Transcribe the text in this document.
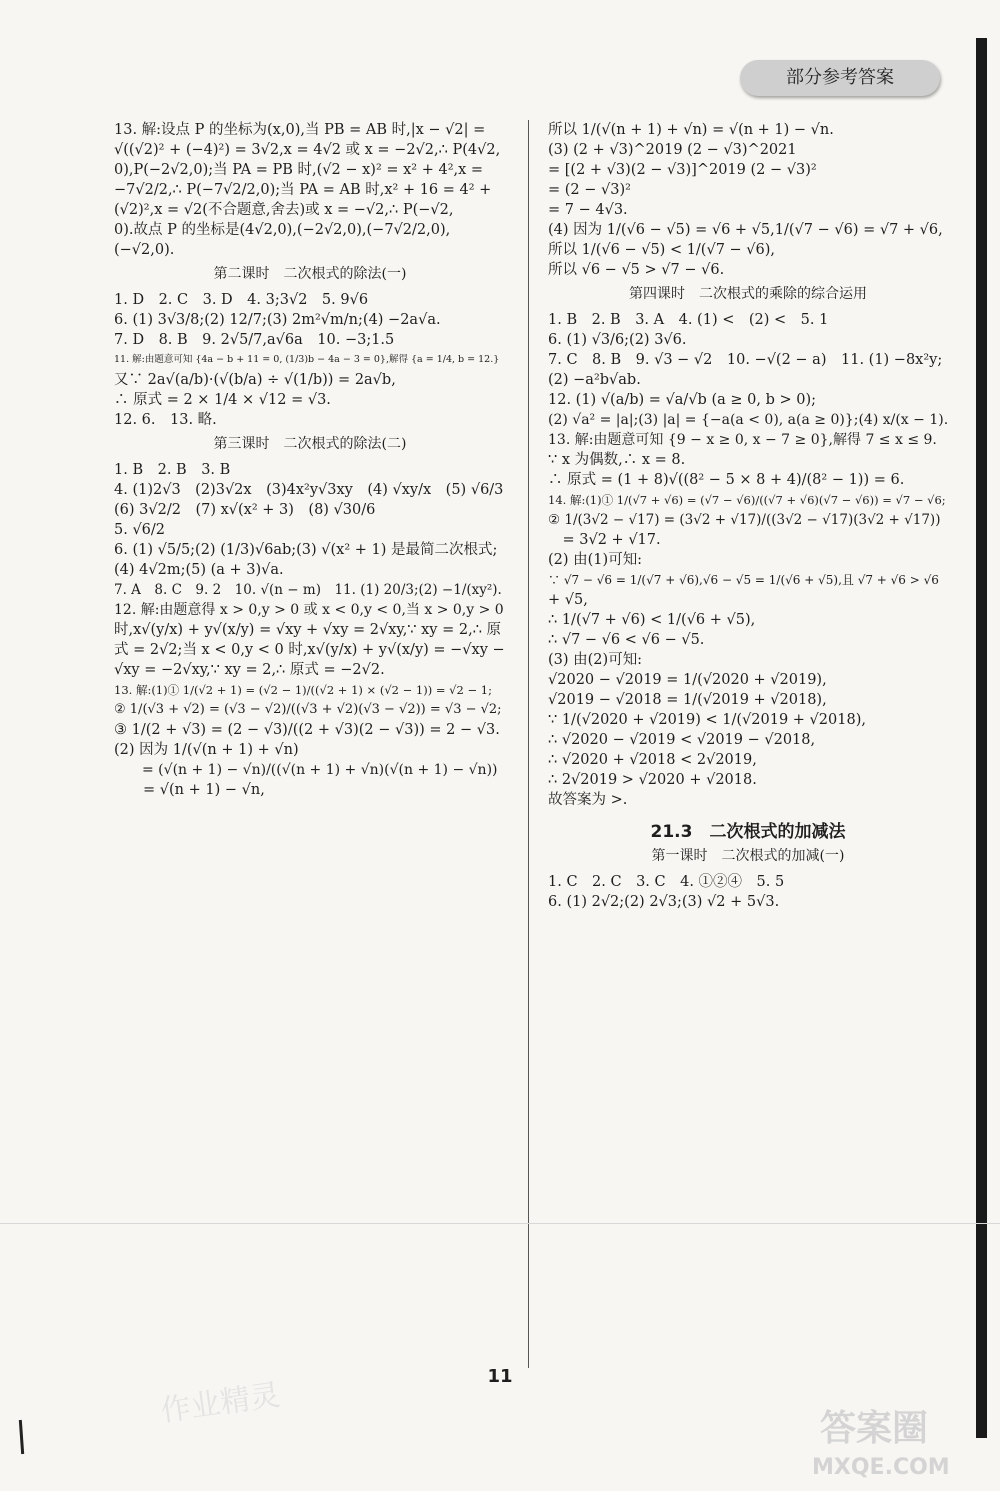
部分参考答案
13. 解:设点 P 的坐标为(x,0),当 PB = AB 时,|x − √2| =
√((√2)² + (−4)²) = 3√2,x = 4√2 或 x = −2√2,∴ P(4√2,
0),P(−2√2,0);当 PA = PB 时,(√2 − x)² = x² + 4²,x =
−7√2/2,∴ P(−7√2/2,0);当 PA = AB 时,x² + 16 = 4² +
(√2)²,x = √2(不合题意,舍去)或 x = −√2,∴ P(−√2,
0).故点 P 的坐标是(4√2,0),(−2√2,0),(−7√2/2,0),
(−√2,0).
第二课时　二次根式的除法(一)
1. D　2. C　3. D　4. 3;3√2　5. 9√6
6. (1) 3√3/8;(2) 12/7;(3) 2m²√m/n;(4) −2a√a.
7. D　8. B　9. 2√5/7,a√6a　10. −3;1.5
11. 解:由题意可知 {4a − b + 11 = 0, (1/3)b − 4a − 3 = 0},解得 {a = 1/4, b = 12.}
又∵ 2a√(a/b)·(√(b/a) ÷ √(1/b)) = 2a√b,
∴ 原式 = 2 × 1/4 × √12 = √3.
12. 6.　13. 略.
第三课时　二次根式的除法(二)
1. B　2. B　3. B
4. (1)2√3　(2)3√2x　(3)4x²y√3xy　(4) √xy/x　(5) √6/3
(6) 3√2/2　(7) x√(x² + 3)　(8) √30/6
5. √6/2
6. (1) √5/5;(2) (1/3)√6ab;(3) √(x² + 1) 是最简二次根式;
(4) 4√2m;(5) (a + 3)√a.
7. A　8. C　9. 2　10. √(n − m)　11. (1) 20/3;(2) −1/(xy²).
12. 解:由题意得 x > 0,y > 0 或 x < 0,y < 0,当 x > 0,y > 0
时,x√(y/x) + y√(x/y) = √xy + √xy = 2√xy,∵ xy = 2,∴ 原
式 = 2√2;当 x < 0,y < 0 时,x√(y/x) + y√(x/y) = −√xy −
√xy = −2√xy,∵ xy = 2,∴ 原式 = −2√2.
13. 解:(1)① 1/(√2 + 1) = (√2 − 1)/((√2 + 1) × (√2 − 1)) = √2 − 1;
② 1/(√3 + √2) = (√3 − √2)/((√3 + √2)(√3 − √2)) = √3 − √2;
③ 1/(2 + √3) = (2 − √3)/((2 + √3)(2 − √3)) = 2 − √3.
(2) 因为 1/(√(n + 1) + √n)
　　= (√(n + 1) − √n)/((√(n + 1) + √n)(√(n + 1) − √n))
　　= √(n + 1) − √n,
所以 1/(√(n + 1) + √n) = √(n + 1) − √n.
(3) (2 + √3)^2019 (2 − √3)^2021
= [(2 + √3)(2 − √3)]^2019 (2 − √3)²
= (2 − √3)²
= 7 − 4√3.
(4) 因为 1/(√6 − √5) = √6 + √5,1/(√7 − √6) = √7 + √6,
所以 1/(√6 − √5) < 1/(√7 − √6),
所以 √6 − √5 > √7 − √6.
第四课时　二次根式的乘除的综合运用
1. B　2. B　3. A　4. (1) <　(2) <　5. 1
6. (1) √3/6;(2) 3√6.
7. C　8. B　9. √3 − √2　10. −√(2 − a)　11. (1) −8x²y;
(2) −a²b√ab.
12. (1) √(a/b) = √a/√b (a ≥ 0, b > 0);
(2) √a² = |a|;(3) |a| = {−a(a < 0), a(a ≥ 0)};(4) x/(x − 1).
13. 解:由题意可知 {9 − x ≥ 0, x − 7 ≥ 0},解得 7 ≤ x ≤ 9.
∵ x 为偶数,∴ x = 8.
∴ 原式 = (1 + 8)√((8² − 5 × 8 + 4)/(8² − 1)) = 6.
14. 解:(1)① 1/(√7 + √6) = (√7 − √6)/((√7 + √6)(√7 − √6)) = √7 − √6;
② 1/(3√2 − √17) = (3√2 + √17)/((3√2 − √17)(3√2 + √17))
　= 3√2 + √17.
(2) 由(1)可知:
∵ √7 − √6 = 1/(√7 + √6),√6 − √5 = 1/(√6 + √5),且 √7 + √6 > √6
+ √5,
∴ 1/(√7 + √6) < 1/(√6 + √5),
∴ √7 − √6 < √6 − √5.
(3) 由(2)可知:
√2020 − √2019 = 1/(√2020 + √2019),
√2019 − √2018 = 1/(√2019 + √2018),
∵ 1/(√2020 + √2019) < 1/(√2019 + √2018),
∴ √2020 − √2019 < √2019 − √2018,
∴ √2020 + √2018 < 2√2019,
∴ 2√2019 > √2020 + √2018.
故答案为 >.
21.3　二次根式的加减法
第一课时　二次根式的加减(一)
1. C　2. C　3. C　4. ①②④　5. 5
6. (1) 2√2;(2) 2√3;(3) √2 + 5√3.
11
作业精灵	答案圈
MXQE.COM
